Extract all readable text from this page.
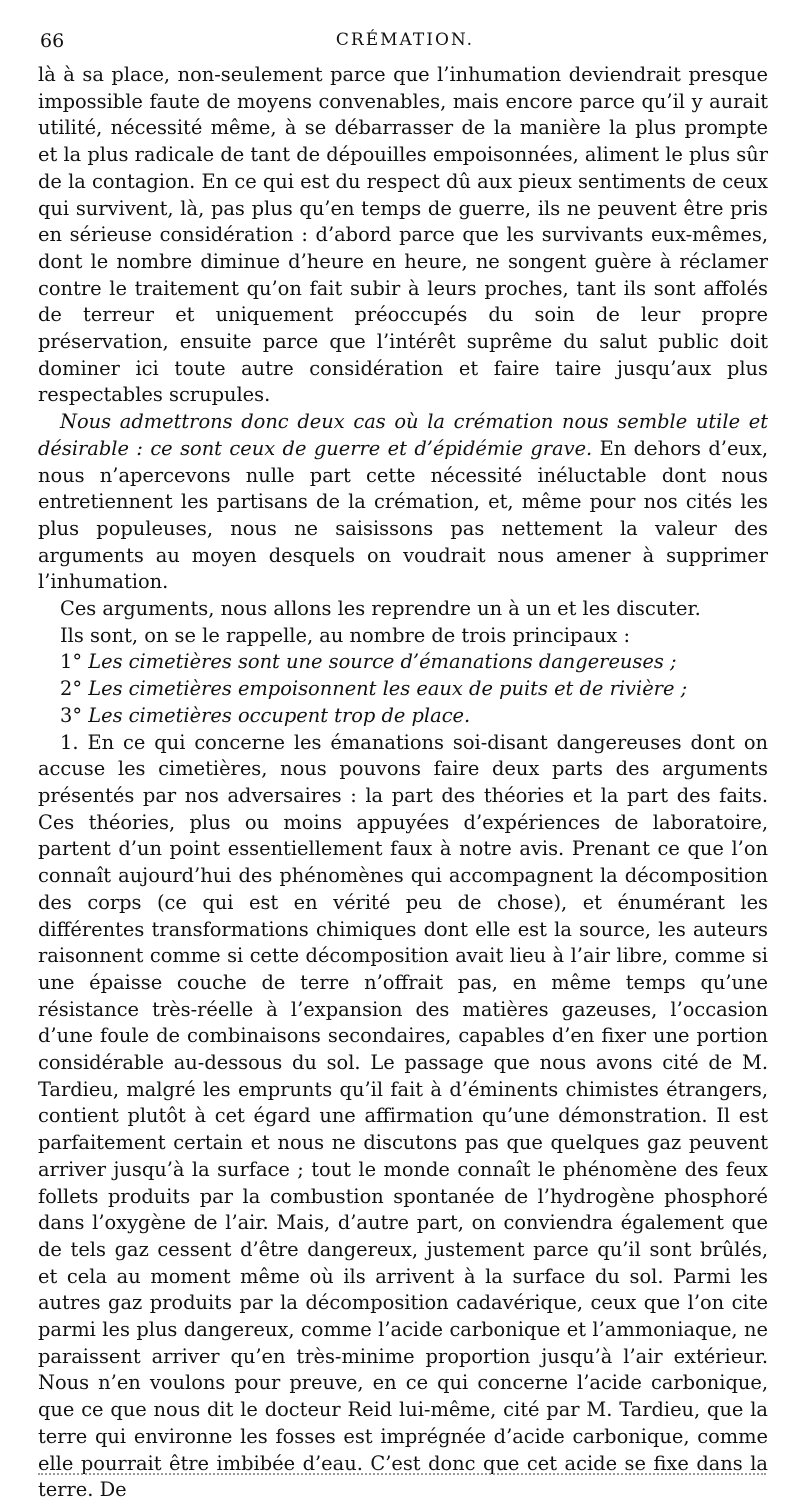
66	CRÉMATION.

là à sa place, non-seulement parce que l’inhumation deviendrait presque impossible faute de moyens convenables, mais encore parce qu’il y aurait utilité, nécessité même, à se débarrasser de la manière la plus prompte et la plus radicale de tant de dépouilles empoisonnées, aliment le plus sûr de la contagion. En ce qui est du respect dû aux pieux sentiments de ceux qui survivent, là, pas plus qu’en temps de guerre, ils ne peuvent être pris en sérieuse considération : d’abord parce que les survivants eux-mêmes, dont le nombre diminue d’heure en heure, ne songent guère à réclamer contre le traitement qu’on fait subir à leurs proches, tant ils sont affolés de terreur et uniquement préoccupés du soin de leur propre préservation, ensuite parce que l’intérêt suprême du salut public doit dominer ici toute autre considération et faire taire jusqu’aux plus respectables scrupules.

Nous admettrons donc deux cas où la crémation nous semble utile et désirable : ce sont ceux de guerre et d’épidémie grave. En dehors d’eux, nous n’apercevons nulle part cette nécessité inéluctable dont nous entretiennent les partisans de la crémation, et, même pour nos cités les plus populeuses, nous ne saisissons pas nettement la valeur des arguments au moyen desquels on voudrait nous amener à supprimer l’inhumation.

Ces arguments, nous allons les reprendre un à un et les discuter.

Ils sont, on se le rappelle, au nombre de trois principaux :

1° Les cimetières sont une source d’émanations dangereuses ;

2° Les cimetières empoisonnent les eaux de puits et de rivière ;

3° Les cimetières occupent trop de place.

1. En ce qui concerne les émanations soi-disant dangereuses dont on accuse les cimetières, nous pouvons faire deux parts des arguments présentés par nos adversaires : la part des théories et la part des faits. Ces théories, plus ou moins appuyées d’expériences de laboratoire, partent d’un point essentiellement faux à notre avis. Prenant ce que l’on connaît aujourd’hui des phénomènes qui accompagnent la décomposition des corps (ce qui est en vérité peu de chose), et énumérant les différentes transformations chimiques dont elle est la source, les auteurs raisonnent comme si cette décomposition avait lieu à l’air libre, comme si une épaisse couche de terre n’offrait pas, en même temps qu’une résistance très-réelle à l’expansion des matières gazeuses, l’occasion d’une foule de combinaisons secondaires, capables d’en fixer une portion considérable au-dessous du sol. Le passage que nous avons cité de M. Tardieu, malgré les emprunts qu’il fait à d’éminents chimistes étrangers, contient plutôt à cet égard une affirmation qu’une démonstration. Il est parfaitement certain et nous ne discutons pas que quelques gaz peuvent arriver jusqu’à la surface ; tout le monde connaît le phénomène des feux follets produits par la combustion spontanée de l’hydrogène phosphoré dans l’oxygène de l’air. Mais, d’autre part, on conviendra également que de tels gaz cessent d’être dangereux, justement parce qu’il sont brûlés, et cela au moment même où ils arrivent à la surface du sol. Parmi les autres gaz produits par la décomposition cadavérique, ceux que l’on cite parmi les plus dangereux, comme l’acide carbonique et l’ammoniaque, ne paraissent arriver qu’en très-minime proportion jusqu’à l’air extérieur. Nous n’en voulons pour preuve, en ce qui concerne l’acide carbonique, que ce que nous dit le docteur Reid lui-même, cité par M. Tardieu, que la terre qui environne les fosses est imprégnée d’acide carbonique, comme elle pourrait être imbibée d’eau. C’est donc que cet acide se fixe dans la terre. De
